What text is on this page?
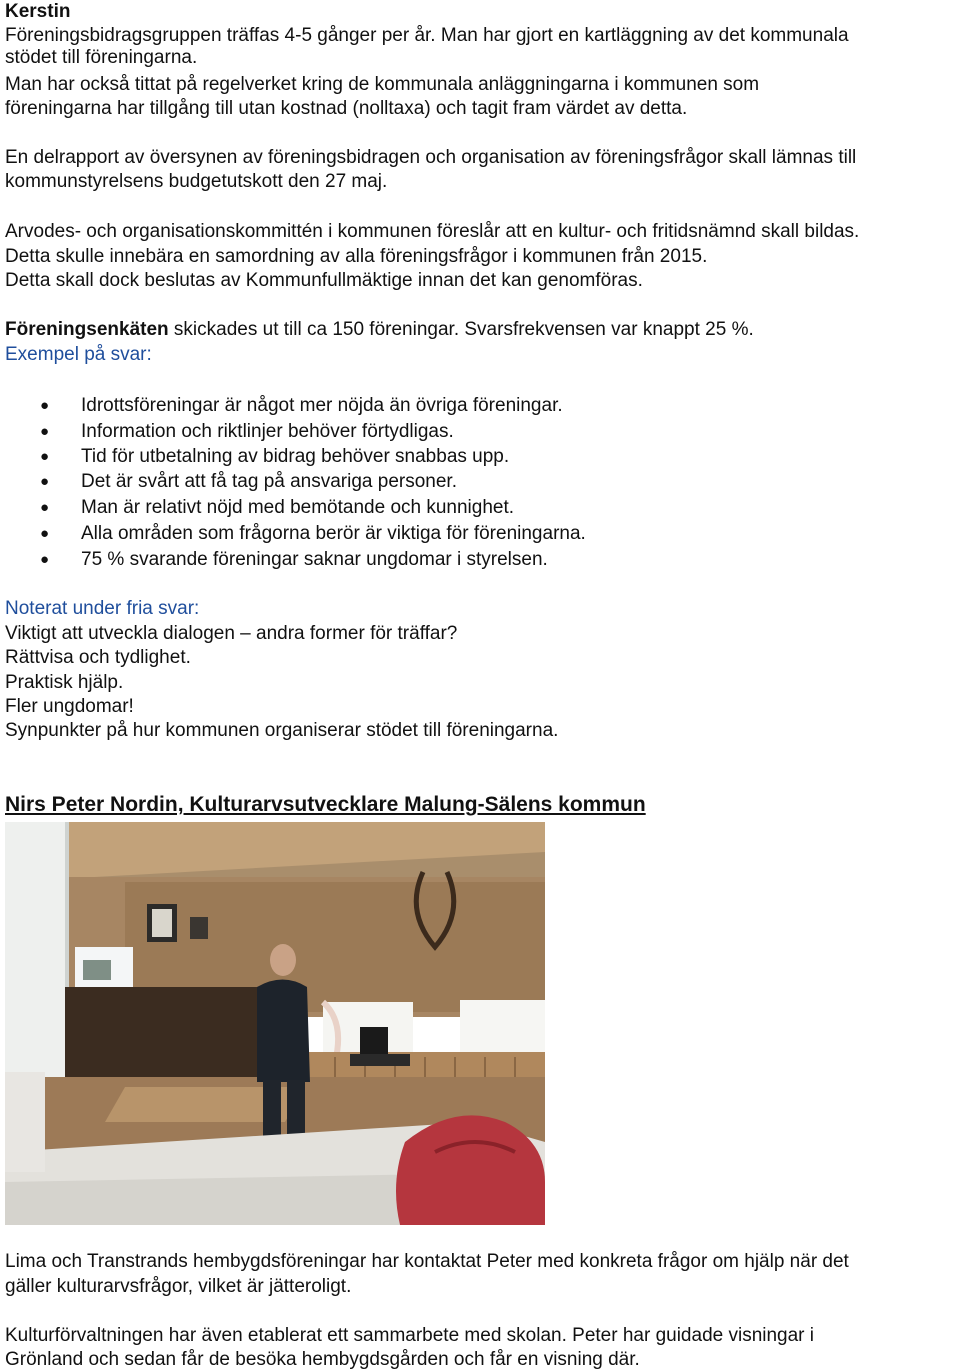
Kerstin
Föreningsbidragsgruppen träffas 4-5 gånger per år. Man har gjort en kartläggning av det kommunala
stödet till föreningarna.
Man har också tittat på regelverket kring de kommunala anläggningarna i kommunen som
föreningarna har tillgång till utan kostnad (nolltaxa) och tagit fram värdet av detta.
En delrapport av översynen av föreningsbidragen och organisation av föreningsfrågor skall lämnas till
kommunstyrelsens budgetutskott den 27 maj.
Arvodes- och organisationskommittén i kommunen föreslår att en kultur- och fritidsnämnd skall bildas.
Detta skulle innebära en samordning av alla föreningsfrågor i kommunen från 2015.
Detta skall dock beslutas av Kommunfullmäktige innan det kan genomföras.
Föreningsenkäten skickades ut till ca 150 föreningar. Svarsfrekvensen var knappt 25 %.
Exempel på svar:
● Idrottsföreningar är något mer nöjda än övriga föreningar.
● Information och riktlinjer behöver förtydligas.
● Tid för utbetalning av bidrag behöver snabbas upp.
● Det är svårt att få tag på ansvariga personer.
● Man är relativt nöjd med bemötande och kunnighet.
● Alla områden som frågorna berör är viktiga för föreningarna.
● 75 % svarande föreningar saknar ungdomar i styrelsen.
Noterat under fria svar:
Viktigt att utveckla dialogen – andra former för träffar?
Rättvisa och tydlighet.
Praktisk hjälp.
Fler ungdomar!
Synpunkter på hur kommunen organiserar stödet till föreningarna.
Nirs Peter Nordin, Kulturarvsutvecklare Malung-Sälens kommun
Lima och Transtrands hembygdsföreningar har kontaktat Peter med konkreta frågor om hjälp när det
gäller kulturarvsfrågor, vilket är jätteroligt.
Kulturförvaltningen har även etablerat ett sammarbete med skolan. Peter har guidade visningar i
Grönland och sedan får de besöka hembygdsgården och får en visning där.
